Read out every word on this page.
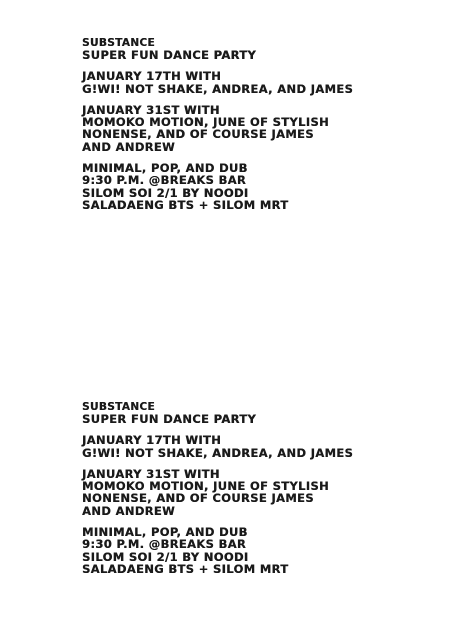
SUBSTANCE
SUPER FUN DANCE PARTY
JANUARY 17TH WITH
G!WI! NOT SHAKE, ANDREA, AND JAMES
JANUARY 31ST WITH
MOMOKO MOTION, JUNE OF STYLISH
NONENSE, AND OF COURSE JAMES
AND ANDREW
MINIMAL, POP, AND DUB
9:30 P.M. @BREAKS BAR
SILOM SOI 2/1 BY NOODI
SALADAENG BTS + SILOM MRT
SUBSTANCE
SUPER FUN DANCE PARTY
JANUARY 17TH WITH
G!WI! NOT SHAKE, ANDREA, AND JAMES
JANUARY 31ST WITH
MOMOKO MOTION, JUNE OF STYLISH
NONENSE, AND OF COURSE JAMES
AND ANDREW
MINIMAL, POP, AND DUB
9:30 P.M. @BREAKS BAR
SILOM SOI 2/1 BY NOODI
SALADAENG BTS + SILOM MRT
